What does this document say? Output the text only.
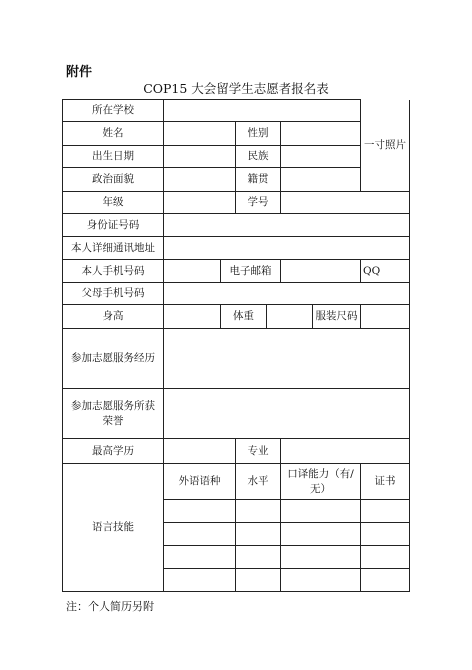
附件
COP15 大会留学生志愿者报名表
所在学校							一寸照片
姓名			性别				
出生日期			民族				
政治面貌			籍贯				
年级			学号				
身份证号码							
本人详细通讯地址							
本人手机号码		电子邮箱					QQ
父母手机号码							
身高		体重				服装尺码	
参加志愿服务经历							
参加志愿服务所获荣誉							
最高学历			专业				
语言技能	外语语种		水平		口译能力（有/无）		证书

注：个人简历另附
